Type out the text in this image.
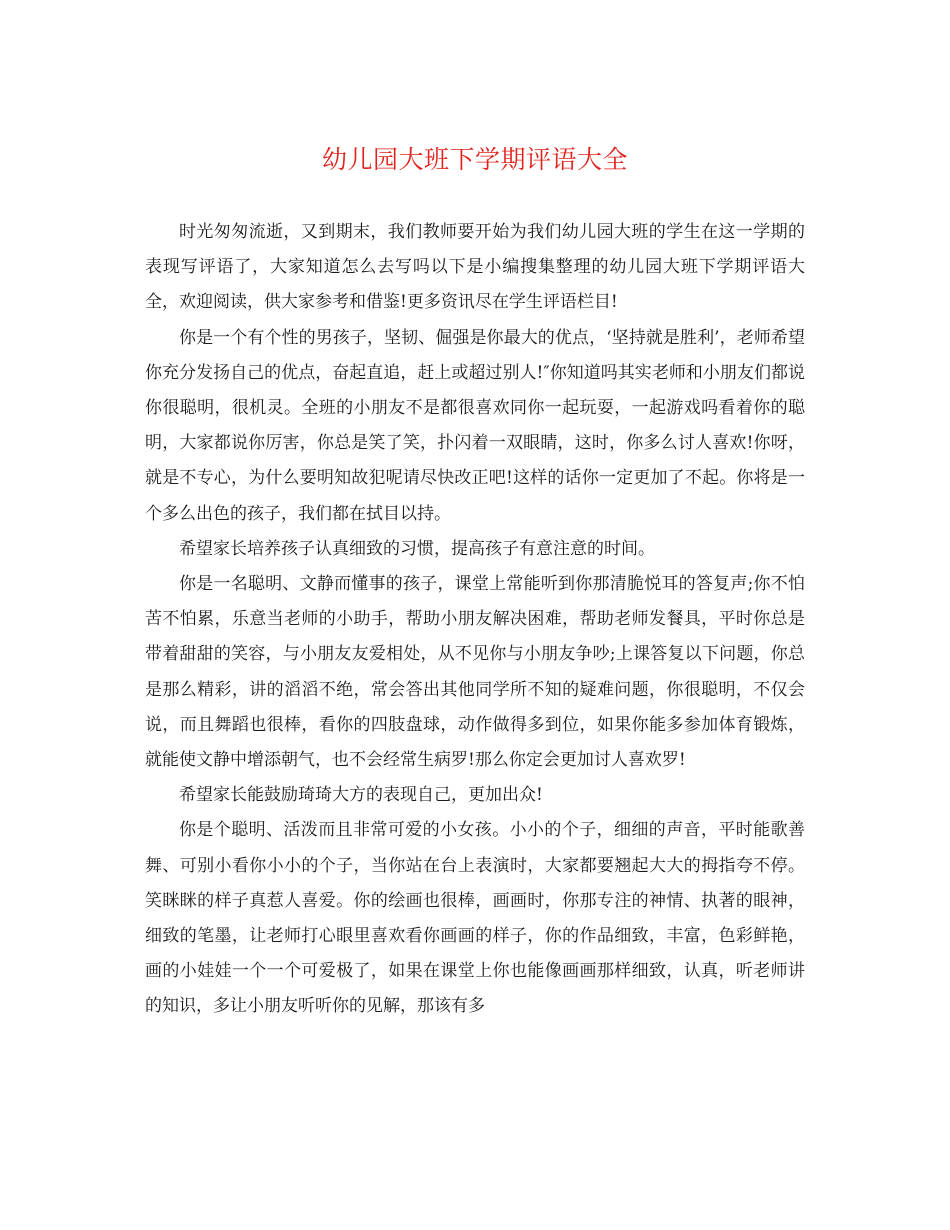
幼儿园大班下学期评语大全

时光匆匆流逝，又到期末，我们教师要开始为我们幼儿园大班的学生在这一学期的表现写评语了，大家知道怎么去写吗以下是小编搜集整理的幼儿园大班下学期评语大全，欢迎阅读，供大家参考和借鉴!更多资讯尽在学生评语栏目!

你是一个有个性的男孩子，坚韧、倔强是你最大的优点，‘坚持就是胜利’，老师希望你充分发扬自己的优点，奋起直追，赶上或超过别人!″你知道吗其实老师和小朋友们都说你很聪明，很机灵。全班的小朋友不是都很喜欢同你一起玩耍，一起游戏吗看着你的聪明，大家都说你厉害，你总是笑了笑，扑闪着一双眼睛，这时，你多么讨人喜欢!你呀，就是不专心，为什么要明知故犯呢请尽快改正吧!这样的话你一定更加了不起。你将是一个多么出色的孩子，我们都在拭目以持。

希望家长培养孩子认真细致的习惯，提高孩子有意注意的时间。

你是一名聪明、文静而懂事的孩子，课堂上常能听到你那清脆悦耳的答复声;你不怕苦不怕累，乐意当老师的小助手，帮助小朋友解决困难，帮助老师发餐具，平时你总是带着甜甜的笑容，与小朋友友爱相处，从不见你与小朋友争吵;上课答复以下问题，你总是那么精彩，讲的滔滔不绝，常会答出其他同学所不知的疑难问题，你很聪明，不仅会说，而且舞蹈也很棒，看你的四肢盘球，动作做得多到位，如果你能多参加体育锻炼，就能使文静中增添朝气，也不会经常生病罗!那么你定会更加讨人喜欢罗!

希望家长能鼓励琦琦大方的表现自己，更加出众!

你是个聪明、活泼而且非常可爱的小女孩。小小的个子，细细的声音，平时能歌善舞、可别小看你小小的个子，当你站在台上表演时，大家都要翘起大大的拇指夸不停。笑眯眯的样子真惹人喜爱。你的绘画也很棒，画画时，你那专注的神情、执著的眼神，细致的笔墨，让老师打心眼里喜欢看你画画的样子，你的作品细致，丰富，色彩鲜艳，画的小娃娃一个一个可爱极了，如果在课堂上你也能像画画那样细致，认真，听老师讲的知识，多让小朋友听听你的见解，那该有多
